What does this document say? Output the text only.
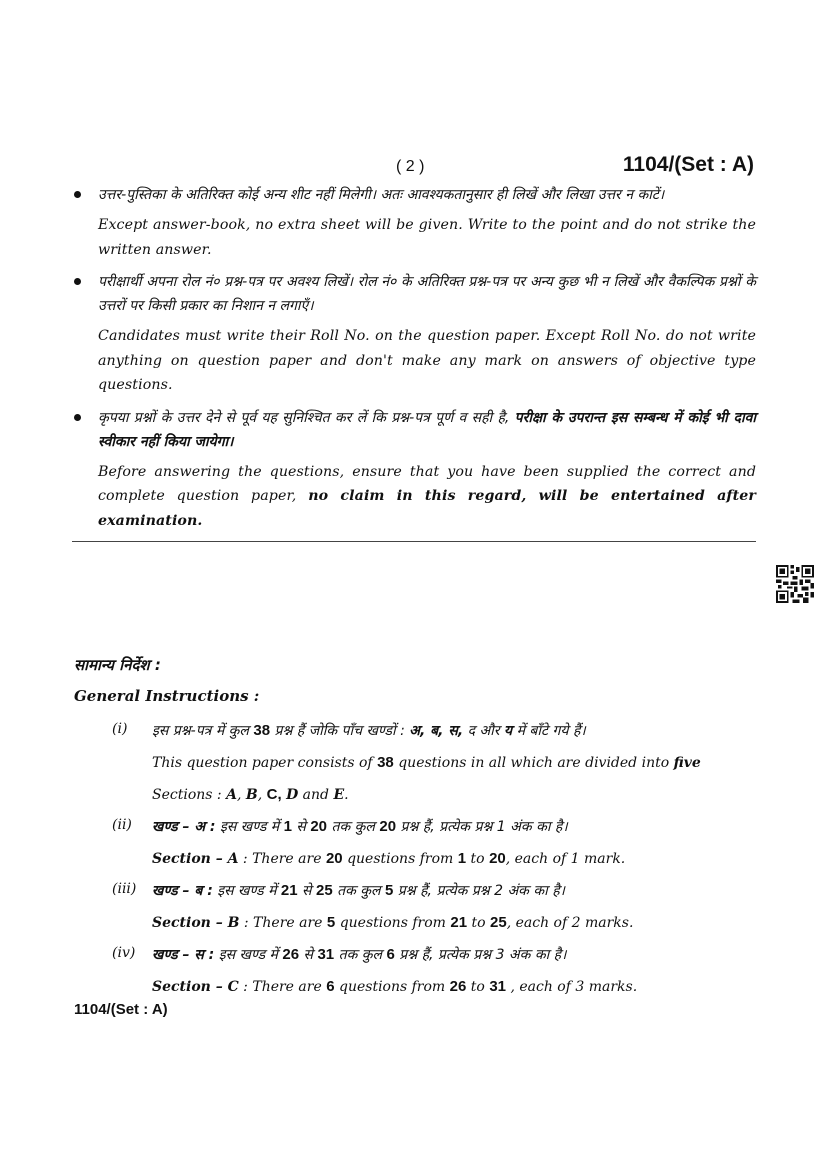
( 2 )	1104/(Set : A)

उत्तर-पुस्तिका के अतिरिक्त कोई अन्य शीट नहीं मिलेगी। अतः आवश्यकतानुसार ही लिखें और लिखा उत्तर न काटें।

Except answer-book, no extra sheet will be given. Write to the point and do not strike the written answer.

परीक्षार्थी अपना रोल नं० प्रश्न-पत्र पर अवश्य लिखें। रोल नं० के अतिरिक्त प्रश्न-पत्र पर अन्य कुछ भी न लिखें और वैकल्पिक प्रश्नों के उत्तरों पर किसी प्रकार का निशान न लगाएँ।

Candidates must write their Roll No. on the question paper. Except Roll No. do not write anything on question paper and don't make any mark on answers of objective type questions.

कृपया प्रश्नों के उत्तर देने से पूर्व यह सुनिश्चित कर लें कि प्रश्न-पत्र पूर्ण व सही है, परीक्षा के उपरान्त इस सम्बन्ध में कोई भी दावा स्वीकार नहीं किया जायेगा।

Before answering the questions, ensure that you have been supplied the correct and complete question paper, no claim in this regard, will be entertained after examination.

सामान्य निर्देश :
General Instructions :
(i) इस प्रश्न-पत्र में कुल 38 प्रश्न हैं जोकि पाँच खण्डों : अ, ब, स, द और य में बाँटे गये हैं।
This question paper consists of 38 questions in all which are divided into five
Sections : A, B, C, D and E.
(ii) खण्ड – अ : इस खण्ड में 1 से 20 तक कुल 20 प्रश्न हैं, प्रत्येक प्रश्न 1 अंक का है।
Section – A : There are 20 questions from 1 to 20, each of 1 mark.
(iii) खण्ड – ब : इस खण्ड में 21 से 25 तक कुल 5 प्रश्न हैं, प्रत्येक प्रश्न 2 अंक का है।
Section – B : There are 5 questions from 21 to 25, each of 2 marks.
(iv) खण्ड – स : इस खण्ड में 26 से 31 तक कुल 6 प्रश्न हैं, प्रत्येक प्रश्न 3 अंक का है।
Section – C : There are 6 questions from 26 to 31 , each of 3 marks.
1104/(Set : A)
